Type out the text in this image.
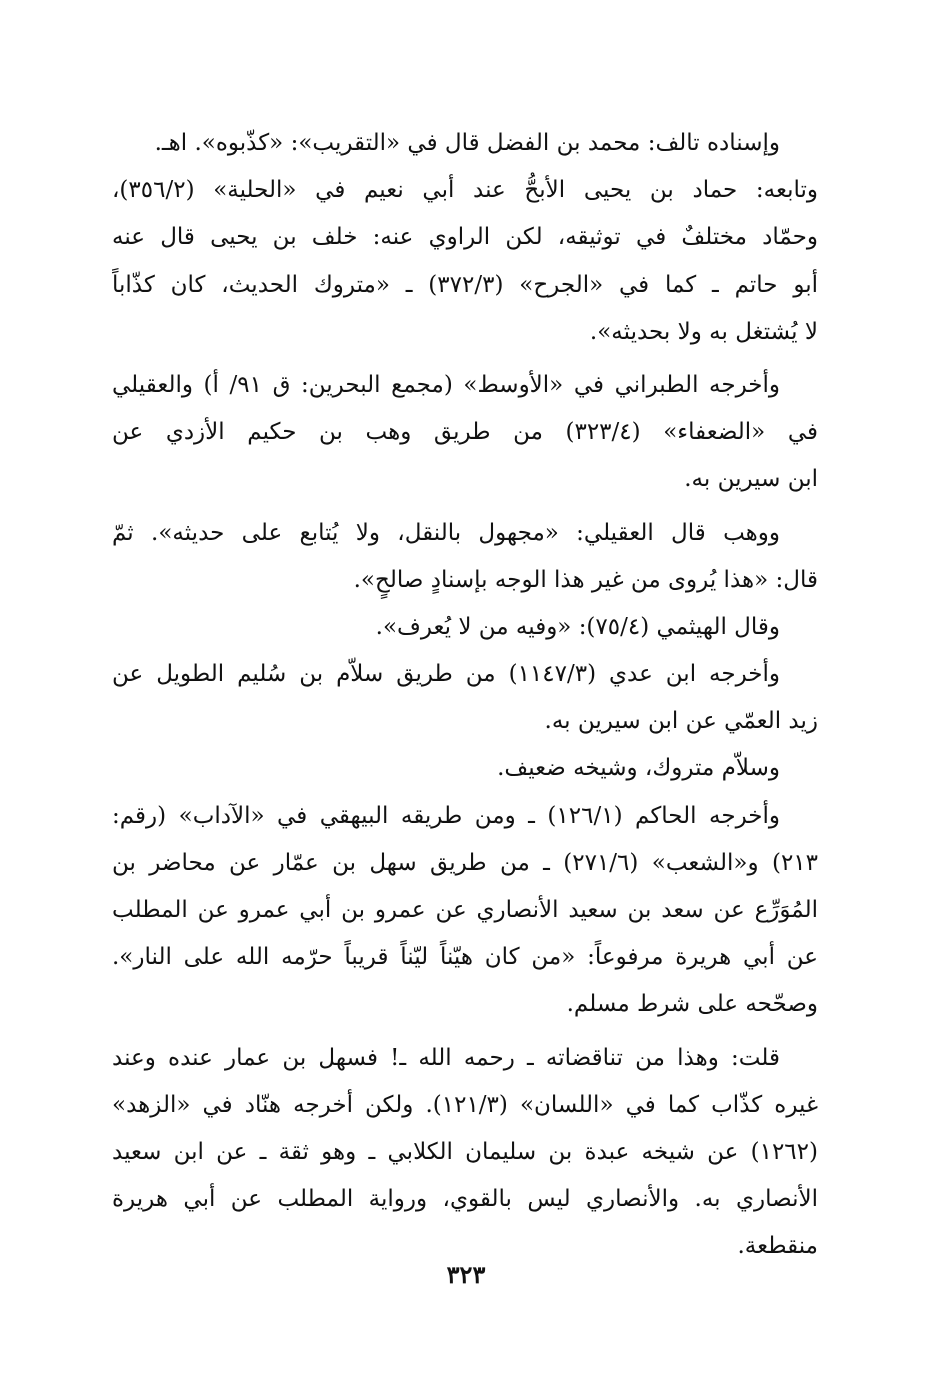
وإسناده تالف: محمد بن الفضل قال في «التقريب»: «كذّبوه». اهـ.
وتابعه: حماد بن يحيى الأبحُّ عند أبي نعيم في «الحلية» (٣٥٦/٢)،
وحمّاد مختلفٌ في توثيقه، لكن الراوي عنه: خلف بن يحيى قال عنه
أبو حاتم ـ كما في «الجرح» (٣٧٢/٣) ـ «متروك الحديث، كان كذّاباً
لا يُشتغل به ولا بحديثه».
وأخرجه الطبراني في «الأوسط» (مجمع البحرين: ق ٩١/ أ) والعقيلي
في «الضعفاء» (٣٢٣/٤) من طريق وهب بن حكيم الأزدي عن
ابن سيرين به.
ووهب قال العقيلي: «مجهول بالنقل، ولا يُتابع على حديثه». ثمّ
قال: «هذا يُروى من غير هذا الوجه بإسنادٍ صالحٍ».
وقال الهيثمي (٧٥/٤): «وفيه من لا يُعرف».
وأخرجه ابن عدي (١١٤٧/٣) من طريق سلاّم بن سُليم الطويل عن
زيد العمّي عن ابن سيرين به.
وسلاّم متروك، وشيخه ضعيف.
وأخرجه الحاكم (١٢٦/١) ـ ومن طريقه البيهقي في «الآداب» (رقم:
٢١٣) و«الشعب» (٢٧١/٦) ـ من طريق سهل بن عمّار عن محاضر بن
المُوَرِّع عن سعد بن سعيد الأنصاري عن عمرو بن أبي عمرو عن المطلب
عن أبي هريرة مرفوعاً: «من كان هيّناً ليّناً قريباً حرّمه الله على النار».
وصحّحه على شرط مسلم.
قلت: وهذا من تناقضاته ـ رحمه الله ـ! فسهل بن عمار عنده وعند
غيره كذّاب كما في «اللسان» (١٢١/٣). ولكن أخرجه هنّاد في «الزهد»
(١٢٦٢) عن شيخه عبدة بن سليمان الكلابي ـ وهو ثقة ـ عن ابن سعيد
الأنصاري به. والأنصاري ليس بالقوي، ورواية المطلب عن أبي هريرة
منقطعة.
٣٢٣
